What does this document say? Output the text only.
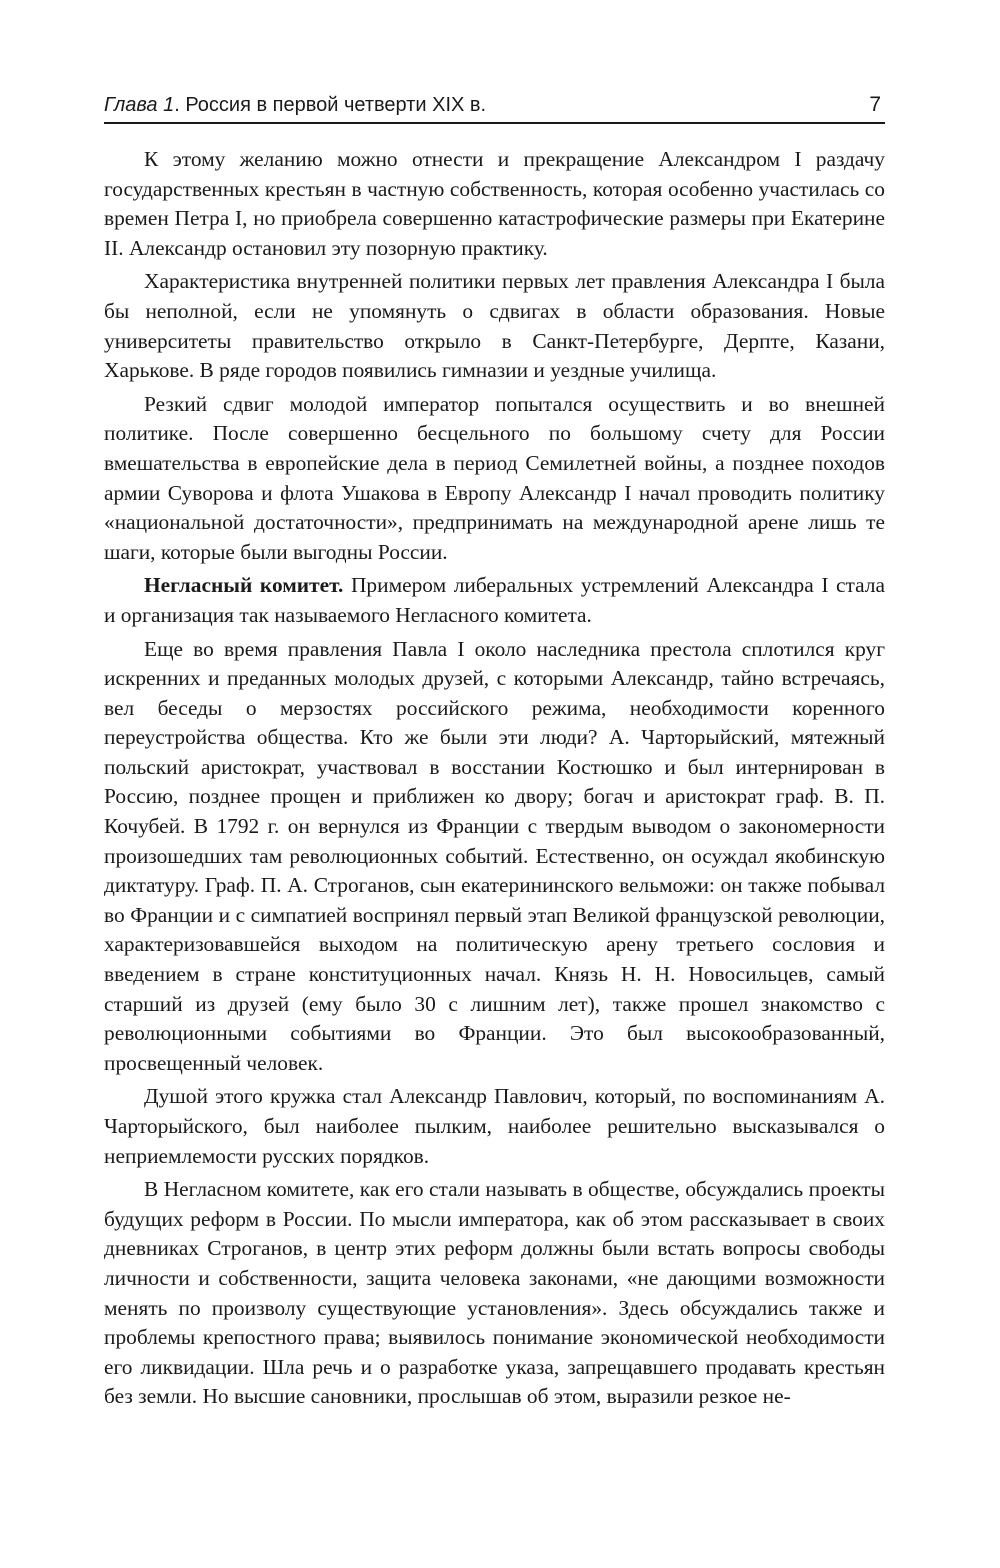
Глава 1. Россия в первой четверти XIX в.	7

К этому желанию можно отнести и прекращение Александром I раздачу государственных крестьян в частную собственность, которая особенно участилась со времен Петра I, но приобрела совершенно катастрофические размеры при Екатерине II. Александр остановил эту позорную практику.

Характеристика внутренней политики первых лет правления Александра I была бы неполной, если не упомянуть о сдвигах в области образования. Новые университеты правительство открыло в Санкт-Петербурге, Дерпте, Казани, Харькове. В ряде городов появились гимназии и уездные училища.

Резкий сдвиг молодой император попытался осуществить и во внешней политике. После совершенно бесцельного по большому счету для России вмешательства в европейские дела в период Семилетней войны, а позднее походов армии Суворова и флота Ушакова в Европу Александр I начал проводить политику «национальной достаточности», предпринимать на международной арене лишь те шаги, которые были выгодны России.

Негласный комитет. Примером либеральных устремлений Александра I стала и организация так называемого Негласного комитета.

Еще во время правления Павла I около наследника престола сплотился круг искренних и преданных молодых друзей, с которыми Александр, тайно встречаясь, вел беседы о мерзостях российского режима, необходимости коренного переустройства общества. Кто же были эти люди? А. Чарторыйский, мятежный польский аристократ, участвовал в восстании Костюшко и был интернирован в Россию, позднее прощен и приближен ко двору; богач и аристократ граф. В. П. Кочубей. В 1792 г. он вернулся из Франции с твердым выводом о закономерности произошедших там революционных событий. Естественно, он осуждал якобинскую диктатуру. Граф. П. А. Строганов, сын екатерининского вельможи: он также побывал во Франции и с симпатией воспринял первый этап Великой французской революции, характеризовавшейся выходом на политическую арену третьего сословия и введением в стране конституционных начал. Князь Н. Н. Новосильцев, самый старший из друзей (ему было 30 с лишним лет), также прошел знакомство с революционными событиями во Франции. Это был высокообразованный, просвещенный человек.

Душой этого кружка стал Александр Павлович, который, по воспоминаниям А. Чарторыйского, был наиболее пылким, наиболее решительно высказывался о неприемлемости русских порядков.

В Негласном комитете, как его стали называть в обществе, обсуждались проекты будущих реформ в России. По мысли императора, как об этом рассказывает в своих дневниках Строганов, в центр этих реформ должны были встать вопросы свободы личности и собственности, защита человека законами, «не дающими возможности менять по произволу существующие установления». Здесь обсуждались также и проблемы крепостного права; выявилось понимание экономической необходимости его ликвидации. Шла речь и о разработке указа, запрещавшего продавать крестьян без земли. Но высшие сановники, прослышав об этом, выразили резкое не-
